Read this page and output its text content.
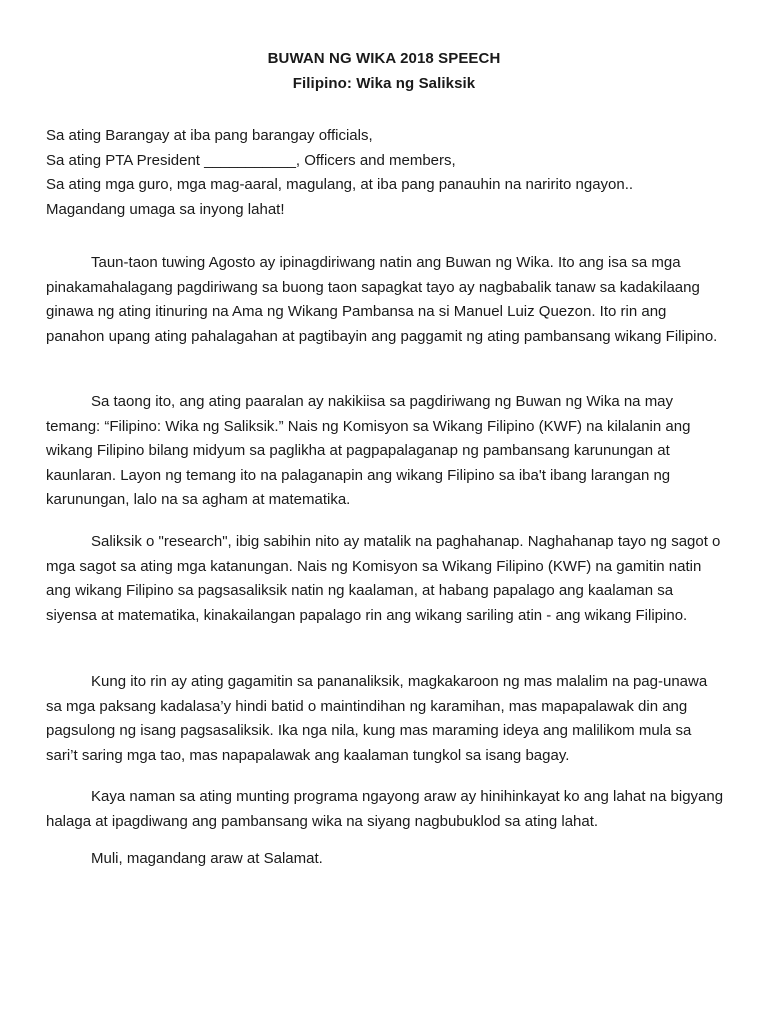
BUWAN NG WIKA 2018 SPEECH
Filipino: Wika ng Saliksik

Sa ating Barangay at iba pang barangay officials,
Sa ating PTA President ___________, Officers and members,
Sa ating mga guro, mga mag-aaral, magulang, at iba pang panauhin na naririto ngayon..
Magandang umaga sa inyong lahat!

Taun-taon tuwing Agosto ay ipinagdiriwang natin ang Buwan ng Wika. Ito ang isa sa mga pinakamahalagang pagdiriwang sa buong taon sapagkat tayo ay nagbabalik tanaw sa kadakilaang ginawa ng ating itinuring na Ama ng Wikang Pambansa na si Manuel Luiz Quezon. Ito rin ang panahon upang ating pahalagahan at pagtibayin ang paggamit ng ating pambansang wikang Filipino.

Sa taong ito, ang ating paaralan ay nakikiisa sa pagdiriwang ng Buwan ng Wika na may temang: “Filipino: Wika ng Saliksik.” Nais ng Komisyon sa Wikang Filipino (KWF) na kilalanin ang wikang Filipino bilang midyum sa paglikha at pagpapalaganap ng pambansang karunungan at kaunlaran. Layon ng temang ito na palaganapin ang wikang Filipino sa iba't ibang larangan ng karunungan, lalo na sa agham at matematika.

Saliksik o "research", ibig sabihin nito ay matalik na paghahanap. Naghahanap tayo ng sagot o mga sagot sa ating mga katanungan. Nais ng Komisyon sa Wikang Filipino (KWF) na gamitin natin ang wikang Filipino sa pagsasaliksik natin ng kaalaman, at habang papalago ang kaalaman sa siyensa at matematika, kinakailangan papalago rin ang wikang sariling atin - ang wikang Filipino.

Kung ito rin ay ating gagamitin sa pananaliksik, magkakaroon ng mas malalim na pag-unawa sa mga paksang kadalasa’y hindi batid o maintindihan ng karamihan, mas mapapalawak din ang pagsulong ng isang pagsasaliksik. Ika nga nila, kung mas maraming ideya ang malilikom mula sa sari’t saring mga tao, mas napapalawak ang kaalaman tungkol sa isang bagay.

Kaya naman sa ating munting programa ngayong araw ay hinihinkayat ko ang lahat na bigyang halaga at ipagdiwang ang pambansang wika na siyang nagbubuklod sa ating lahat.

Muli, magandang araw at Salamat.
